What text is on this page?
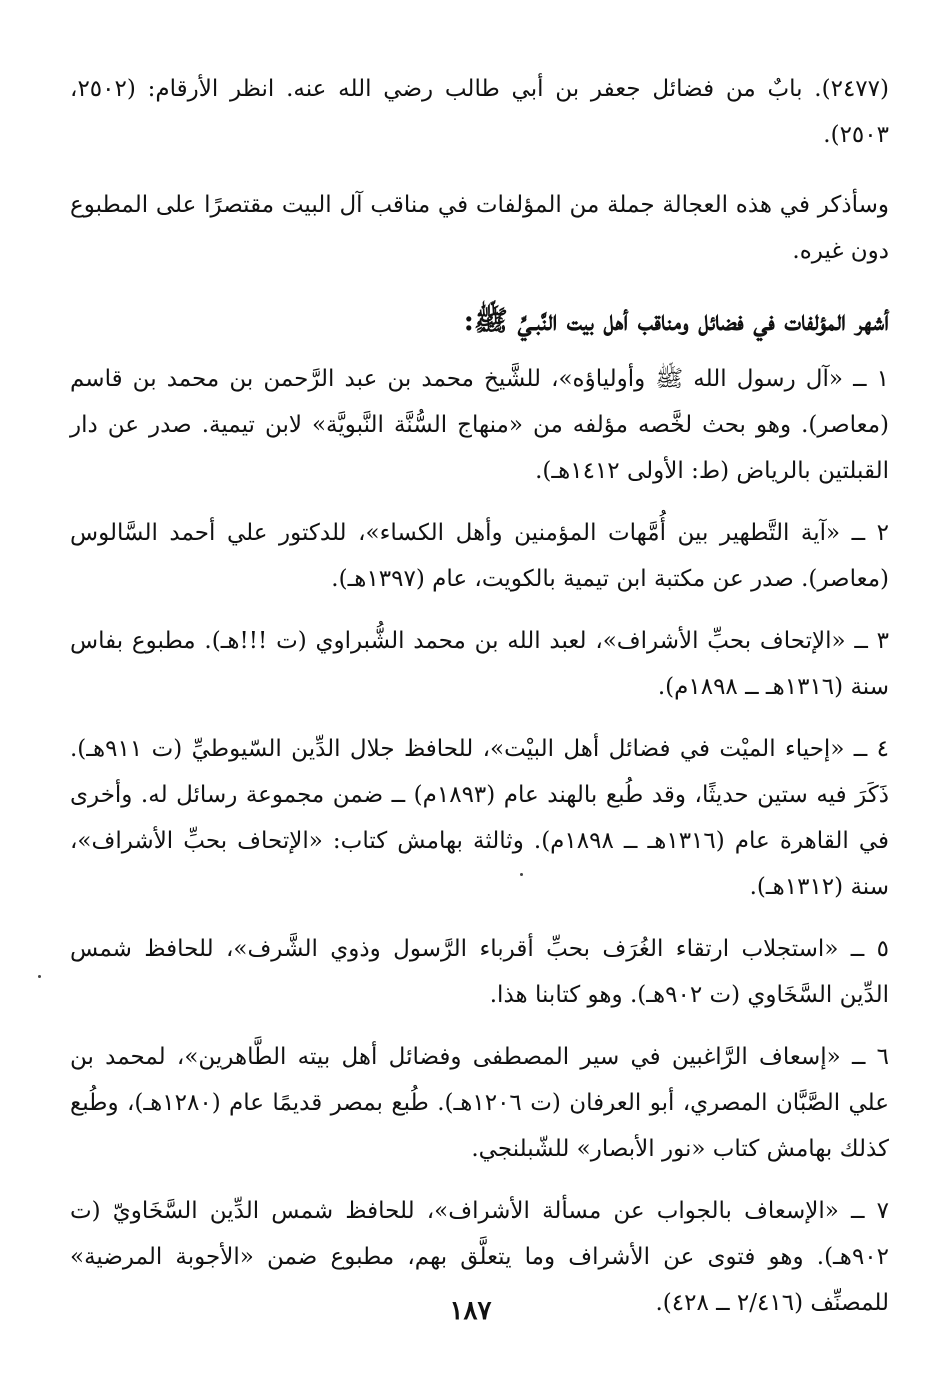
(٢٤٧٧). بابٌ من فضائل جعفر بن أبي طالب رضي الله عنه. انظر الأرقام: (٢٥٠٢، ٢٥٠٣).

وسأذكر في هذه العجالة جملة من المؤلفات في مناقب آل البيت مقتصرًا على المطبوع دون غيره.

أشهر المؤلفات في فضائل ومناقب أهل بيت النَّبـيِّ ﷺ:

١ ــ «آل رسول الله ﷺ وأولياؤه»، للشَّيخ محمد بن عبد الرَّحمن بن محمد بن قاسم (معاصر). وهو بحث لخَّصه مؤلفه من «منهاج السُّنَّة النَّبويَّة» لابن تيمية. صدر عن دار القبلتين بالرياض (ط: الأولى ١٤١٢هـ).

٢ ــ «آية التَّطهير بين أُمَّهات المؤمنين وأهل الكساء»، للدكتور علي أحمد السَّالوس (معاصر). صدر عن مكتبة ابن تيمية بالكويت، عام (١٣٩٧هـ).

٣ ــ «الإتحاف بحبِّ الأشراف»، لعبد الله بن محمد الشُّبراوي (ت !!!هـ). مطبوع بفاس سنة (١٣١٦هـ ــ ١٨٩٨م).

٤ ــ «إحياء الميْت في فضائل أهل البيْت»، للحافظ جلال الدِّين السّيوطيِّ (ت ٩١١هـ). ذَكَرَ فيه ستين حديثًا، وقد طُبع بالهند عام (١٨٩٣م) ــ ضمن مجموعة رسائل له. وأخرى في القاهرة عام (١٣١٦هـ ــ ١٨٩٨م). وثالثة بهامش كتاب: «الإتحاف بحبِّ الأشراف»، سنة (١٣١٢هـ).

٥ ــ «استجلاب ارتقاء الغُرَف بحبِّ أقرباء الرَّسول وذوي الشَّرف»، للحافظ شمس الدِّين السَّخَاوي (ت ٩٠٢هـ). وهو كتابنا هذا.

٦ ــ «إسعاف الرَّاغبين في سير المصطفى وفضائل أهل بيته الطَّاهرين»، لمحمد بن علي الصَّبَّان المصري، أبو العرفان (ت ١٢٠٦هـ). طُبع بمصر قديمًا عام (١٢٨٠هـ)، وطُبع كذلك بهامش كتاب «نور الأبصار» للشّبلنجي.

٧ ــ «الإسعاف بالجواب عن مسألة الأشراف»، للحافظ شمس الدِّين السَّخَاويّ (ت ٩٠٢هـ). وهو فتوى عن الأشراف وما يتعلَّق بهم، مطبوع ضمن «الأجوبة المرضية» للمصنِّف (٢/٤١٦ ــ ٤٢٨).

١٨٧
